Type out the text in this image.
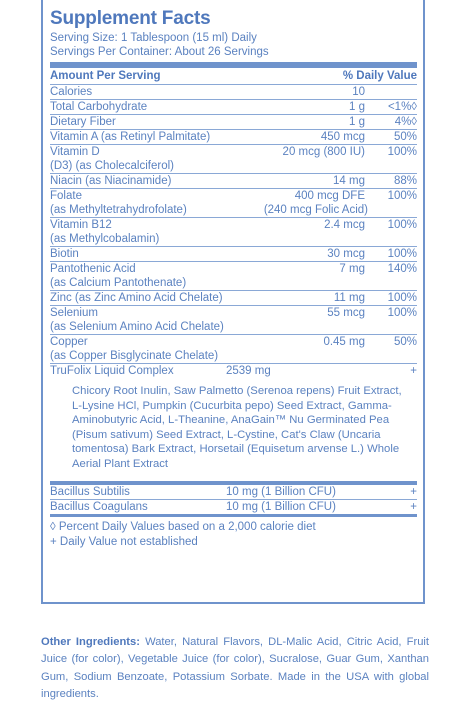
Supplement Facts
Serving Size: 1 Tablespoon (15 ml) Daily
Servings Per Container: About 26 Servings
Amount Per Serving	% Daily Value
Calories	10
Total Carbohydrate	1 g	<1%◊
Dietary Fiber	1 g	4%◊
Vitamin A (as Retinyl Palmitate)	450 mcg	50%
Vitamin D	20 mcg (800 IU)	100%
(D3) (as Cholecalciferol)
Niacin (as Niacinamide)	14 mg	88%
Folate	400 mcg DFE	100%
(as Methyltetrahydrofolate)	(240 mcg Folic Acid)
Vitamin B12	2.4 mcg	100%
(as Methylcobalamin)
Biotin	30 mcg	100%
Pantothenic Acid	7 mg	140%
(as Calcium Pantothenate)
Zinc (as Zinc Amino Acid Chelate)	11 mg	100%
Selenium	55 mcg	100%
(as Selenium Amino Acid Chelate)
Copper	0.45 mg	50%
(as Copper Bisglycinate Chelate)
TruFolix Liquid Complex	2539 mg	+
Chicory Root Inulin, Saw Palmetto (Serenoa repens) Fruit Extract, L-Lysine HCl, Pumpkin (Cucurbita pepo) Seed Extract, Gamma-Aminobutyric Acid, L-Theanine, AnaGain™ Nu Germinated Pea (Pisum sativum) Seed Extract, L-Cystine, Cat's Claw (Uncaria tomentosa) Bark Extract, Horsetail (Equisetum arvense L.) Whole Aerial Plant Extract
Bacillus Subtilis	10 mg (1 Billion CFU)	+
Bacillus Coagulans	10 mg (1 Billion CFU)	+
◊ Percent Daily Values based on a 2,000 calorie diet
+ Daily Value not established
Other Ingredients: Water, Natural Flavors, DL-Malic Acid, Citric Acid, Fruit Juice (for color), Vegetable Juice (for color), Sucralose, Guar Gum, Xanthan Gum, Sodium Benzoate, Potassium Sorbate. Made in the USA with global ingredients.
